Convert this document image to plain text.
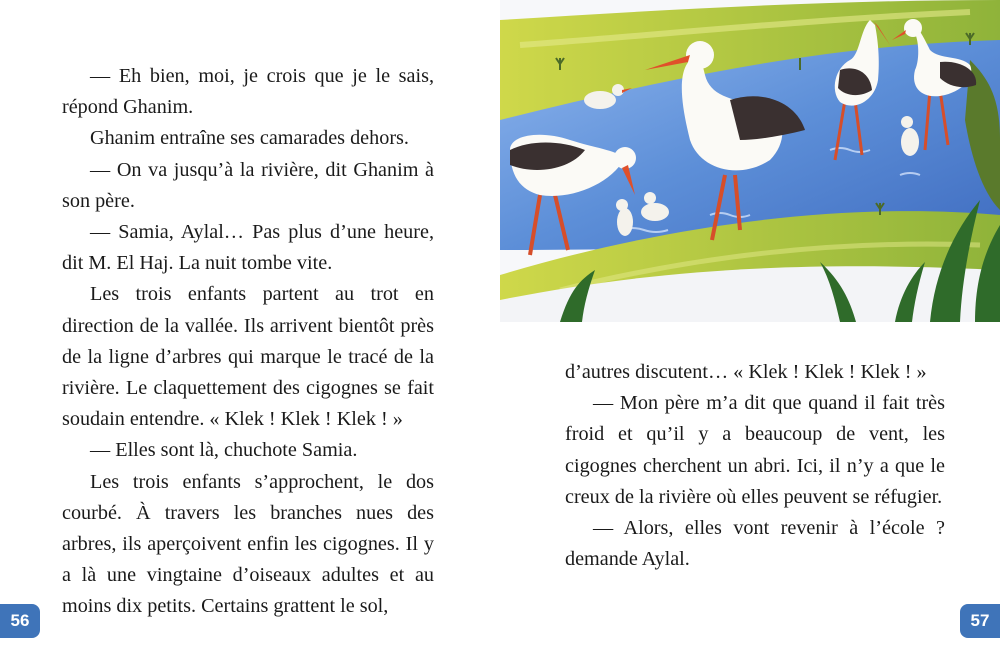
— Eh bien, moi, je crois que je le sais, répond Ghanim.

Ghanim entraîne ses camarades dehors.

— On va jusqu’à la rivière, dit Ghanim à son père.

— Samia, Aylal… Pas plus d’une heure, dit M. El Haj. La nuit tombe vite.

Les trois enfants partent au trot en direction de la vallée. Ils arrivent bientôt près de la ligne d’arbres qui marque le tracé de la rivière. Le claquettement des cigognes se fait soudain entendre. « Klek ! Klek ! Klek ! »

— Elles sont là, chuchote Samia.

Les trois enfants s’approchent, le dos courbé. À travers les branches nues des arbres, ils aperçoivent enfin les cigognes. Il y a là une vingtaine d’oiseaux adultes et au moins dix petits. Certains grattent le sol,

56	57

d’autres discutent… « Klek ! Klek ! Klek ! »

— Mon père m’a dit que quand il fait très froid et qu’il y a beaucoup de vent, les cigognes cherchent un abri. Ici, il n’y a que le creux de la rivière où elles peuvent se réfugier.

— Alors, elles vont revenir à l’école ? demande Aylal.
